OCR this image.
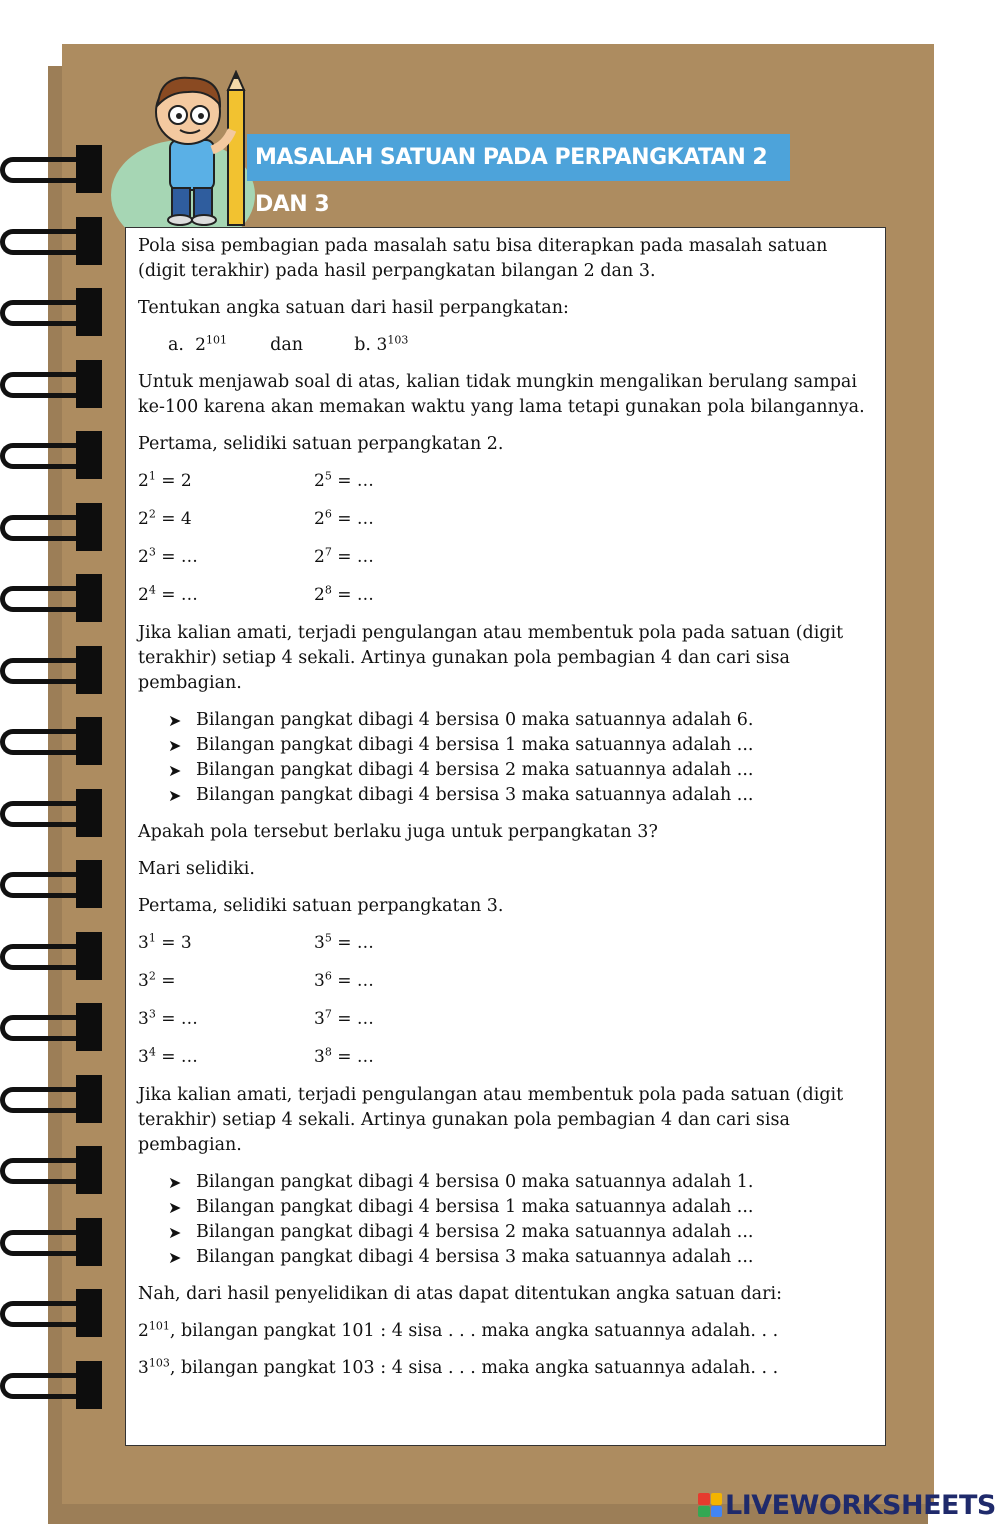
MASALAH SATUAN PADA PERPANGKATAN 2 DAN 3

Pola sisa pembagian pada masalah satu bisa diterapkan pada masalah satuan (digit terakhir) pada hasil perpangkatan bilangan 2 dan 3.

Tentukan angka satuan dari hasil perpangkatan:

a. $2^{101}$ dan	b. $3^{103}$

Untuk menjawab soal di atas, kalian tidak mungkin mengalikan berulang sampai ke-100 karena akan memakan waktu yang lama tetapi gunakan pola bilangannya.

Pertama, selidiki satuan perpangkatan 2.

$2^1 = 2$	$2^5$ = …
$2^2 = 4$	$2^6$ = …
$2^3$ = …	$2^7$ = …
$2^4$ = …	$2^8$ = …

Jika kalian amati, terjadi pengulangan atau membentuk pola pada satuan (digit terakhir) setiap 4 sekali. Artinya gunakan pola pembagian 4 dan cari sisa pembagian.

➤ Bilangan pangkat dibagi 4 bersisa 0 maka satuannya adalah 6.
➤ Bilangan pangkat dibagi 4 bersisa 1 maka satuannya adalah ...
➤ Bilangan pangkat dibagi 4 bersisa 2 maka satuannya adalah ...
➤ Bilangan pangkat dibagi 4 bersisa 3 maka satuannya adalah ...

Apakah pola tersebut berlaku juga untuk perpangkatan 3?

Mari selidiki.

Pertama, selidiki satuan perpangkatan 3.

$3^1 = 3$	$3^5$ = …
$3^2$ =	$3^6$ = …
$3^3$ = …	$3^7$ = …
$3^4$ = …	$3^8$ = …

Jika kalian amati, terjadi pengulangan atau membentuk pola pada satuan (digit terakhir) setiap 4 sekali. Artinya gunakan pola pembagian 4 dan cari sisa pembagian.

➤ Bilangan pangkat dibagi 4 bersisa 0 maka satuannya adalah 1.
➤ Bilangan pangkat dibagi 4 bersisa 1 maka satuannya adalah ...
➤ Bilangan pangkat dibagi 4 bersisa 2 maka satuannya adalah ...
➤ Bilangan pangkat dibagi 4 bersisa 3 maka satuannya adalah ...

Nah, dari hasil penyelidikan di atas dapat ditentukan angka satuan dari:

$2^{101}$, bilangan pangkat 101 : 4 sisa . . . maka angka satuannya adalah. . .

$3^{103}$, bilangan pangkat 103 : 4 sisa . . . maka angka satuannya adalah. . .

LIVEWORKSHEETS
